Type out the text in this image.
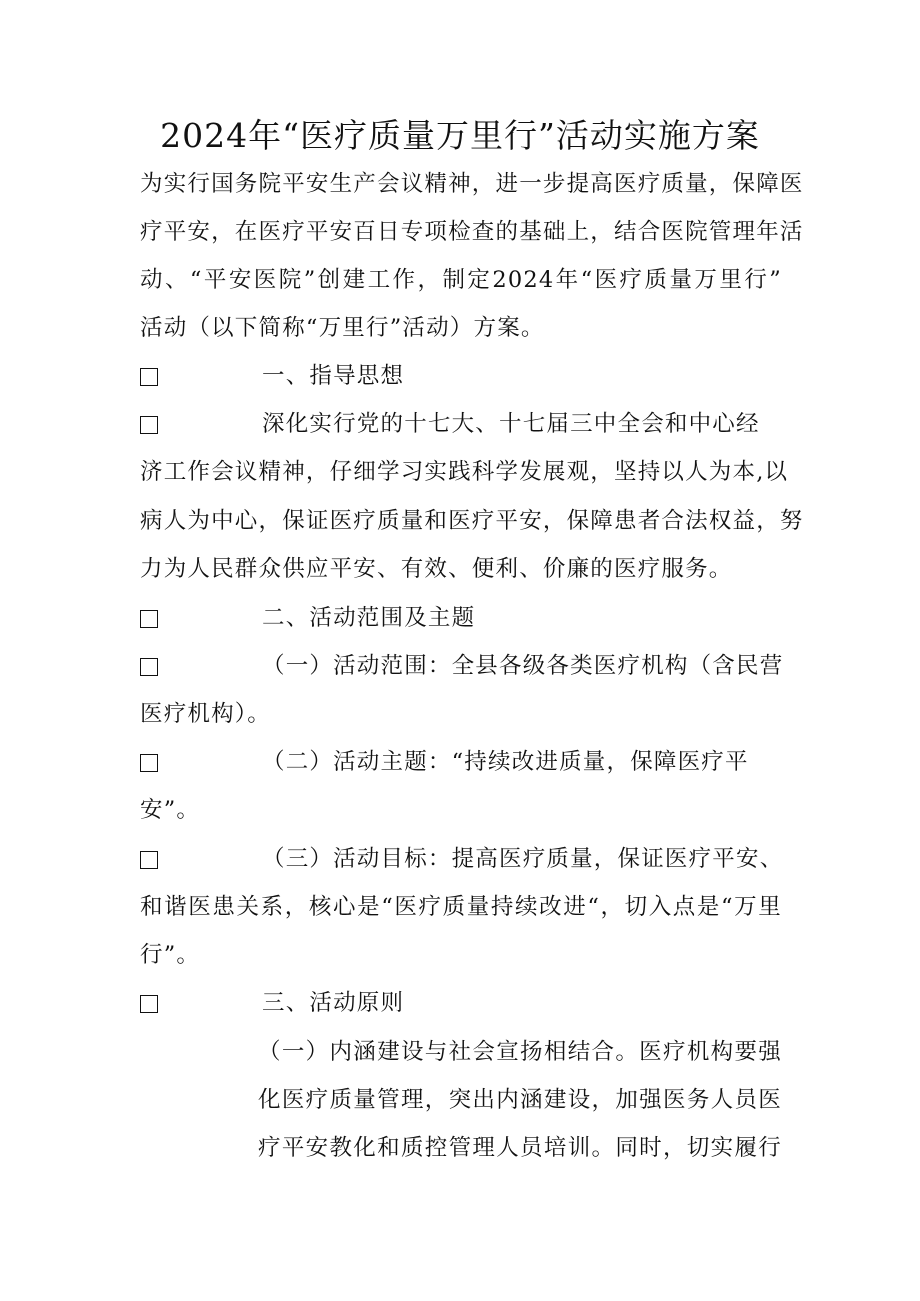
2024年“医疗质量万里行”活动实施方案
为实行国务院平安生产会议精神，进一步提高医疗质量，保障医
疗平安，在医疗平安百日专项检查的基础上，结合医院管理年活
动、“平安医院”创建工作，制定2024年“医疗质量万里行”
活动（以下简称“万里行”活动）方案。
一、指导思想
深化实行党的十七大、十七届三中全会和中心经
济工作会议精神，仔细学习实践科学发展观，坚持以人为本,以
病人为中心，保证医疗质量和医疗平安，保障患者合法权益，努
力为人民群众供应平安、有效、便利、价廉的医疗服务。
二、活动范围及主题
（一）活动范围：全县各级各类医疗机构（含民营
医疗机构）。
（二）活动主题：“持续改进质量，保障医疗平
安”。
（三）活动目标：提高医疗质量，保证医疗平安、
和谐医患关系，核心是“医疗质量持续改进“，切入点是“万里
行”。
三、活动原则
（一）内涵建设与社会宣扬相结合。医疗机构要强
化医疗质量管理，突出内涵建设，加强医务人员医
疗平安教化和质控管理人员培训。同时，切实履行
